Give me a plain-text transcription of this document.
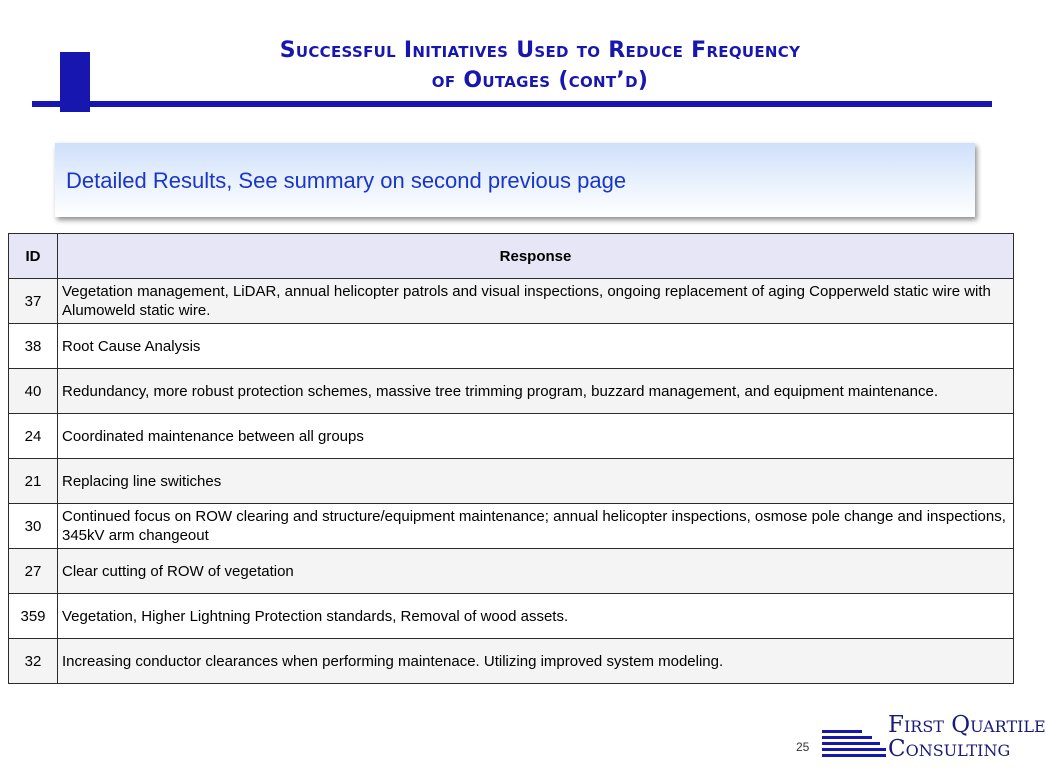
Successful Initiatives Used to Reduce Frequency
of Outages (cont’d)
Detailed Results, See summary on second previous page
ID	Response
37	Vegetation management, LiDAR, annual helicopter patrols and visual inspections, ongoing replacement of aging Copperweld static wire with Alumoweld static wire.
38	Root Cause Analysis
40	Redundancy, more robust protection schemes, massive tree trimming program, buzzard management, and equipment maintenance.
24	Coordinated maintenance between all groups
21	Replacing line switiches
30	Continued focus on ROW clearing and structure/equipment maintenance; annual helicopter inspections, osmose pole change and inspections, 345kV arm changeout
27	Clear cutting of ROW of vegetation
359	Vegetation, Higher Lightning Protection standards, Removal of wood assets.
32	Increasing conductor clearances when performing maintenace. Utilizing improved system modeling.
25
First Quartile
Consulting
